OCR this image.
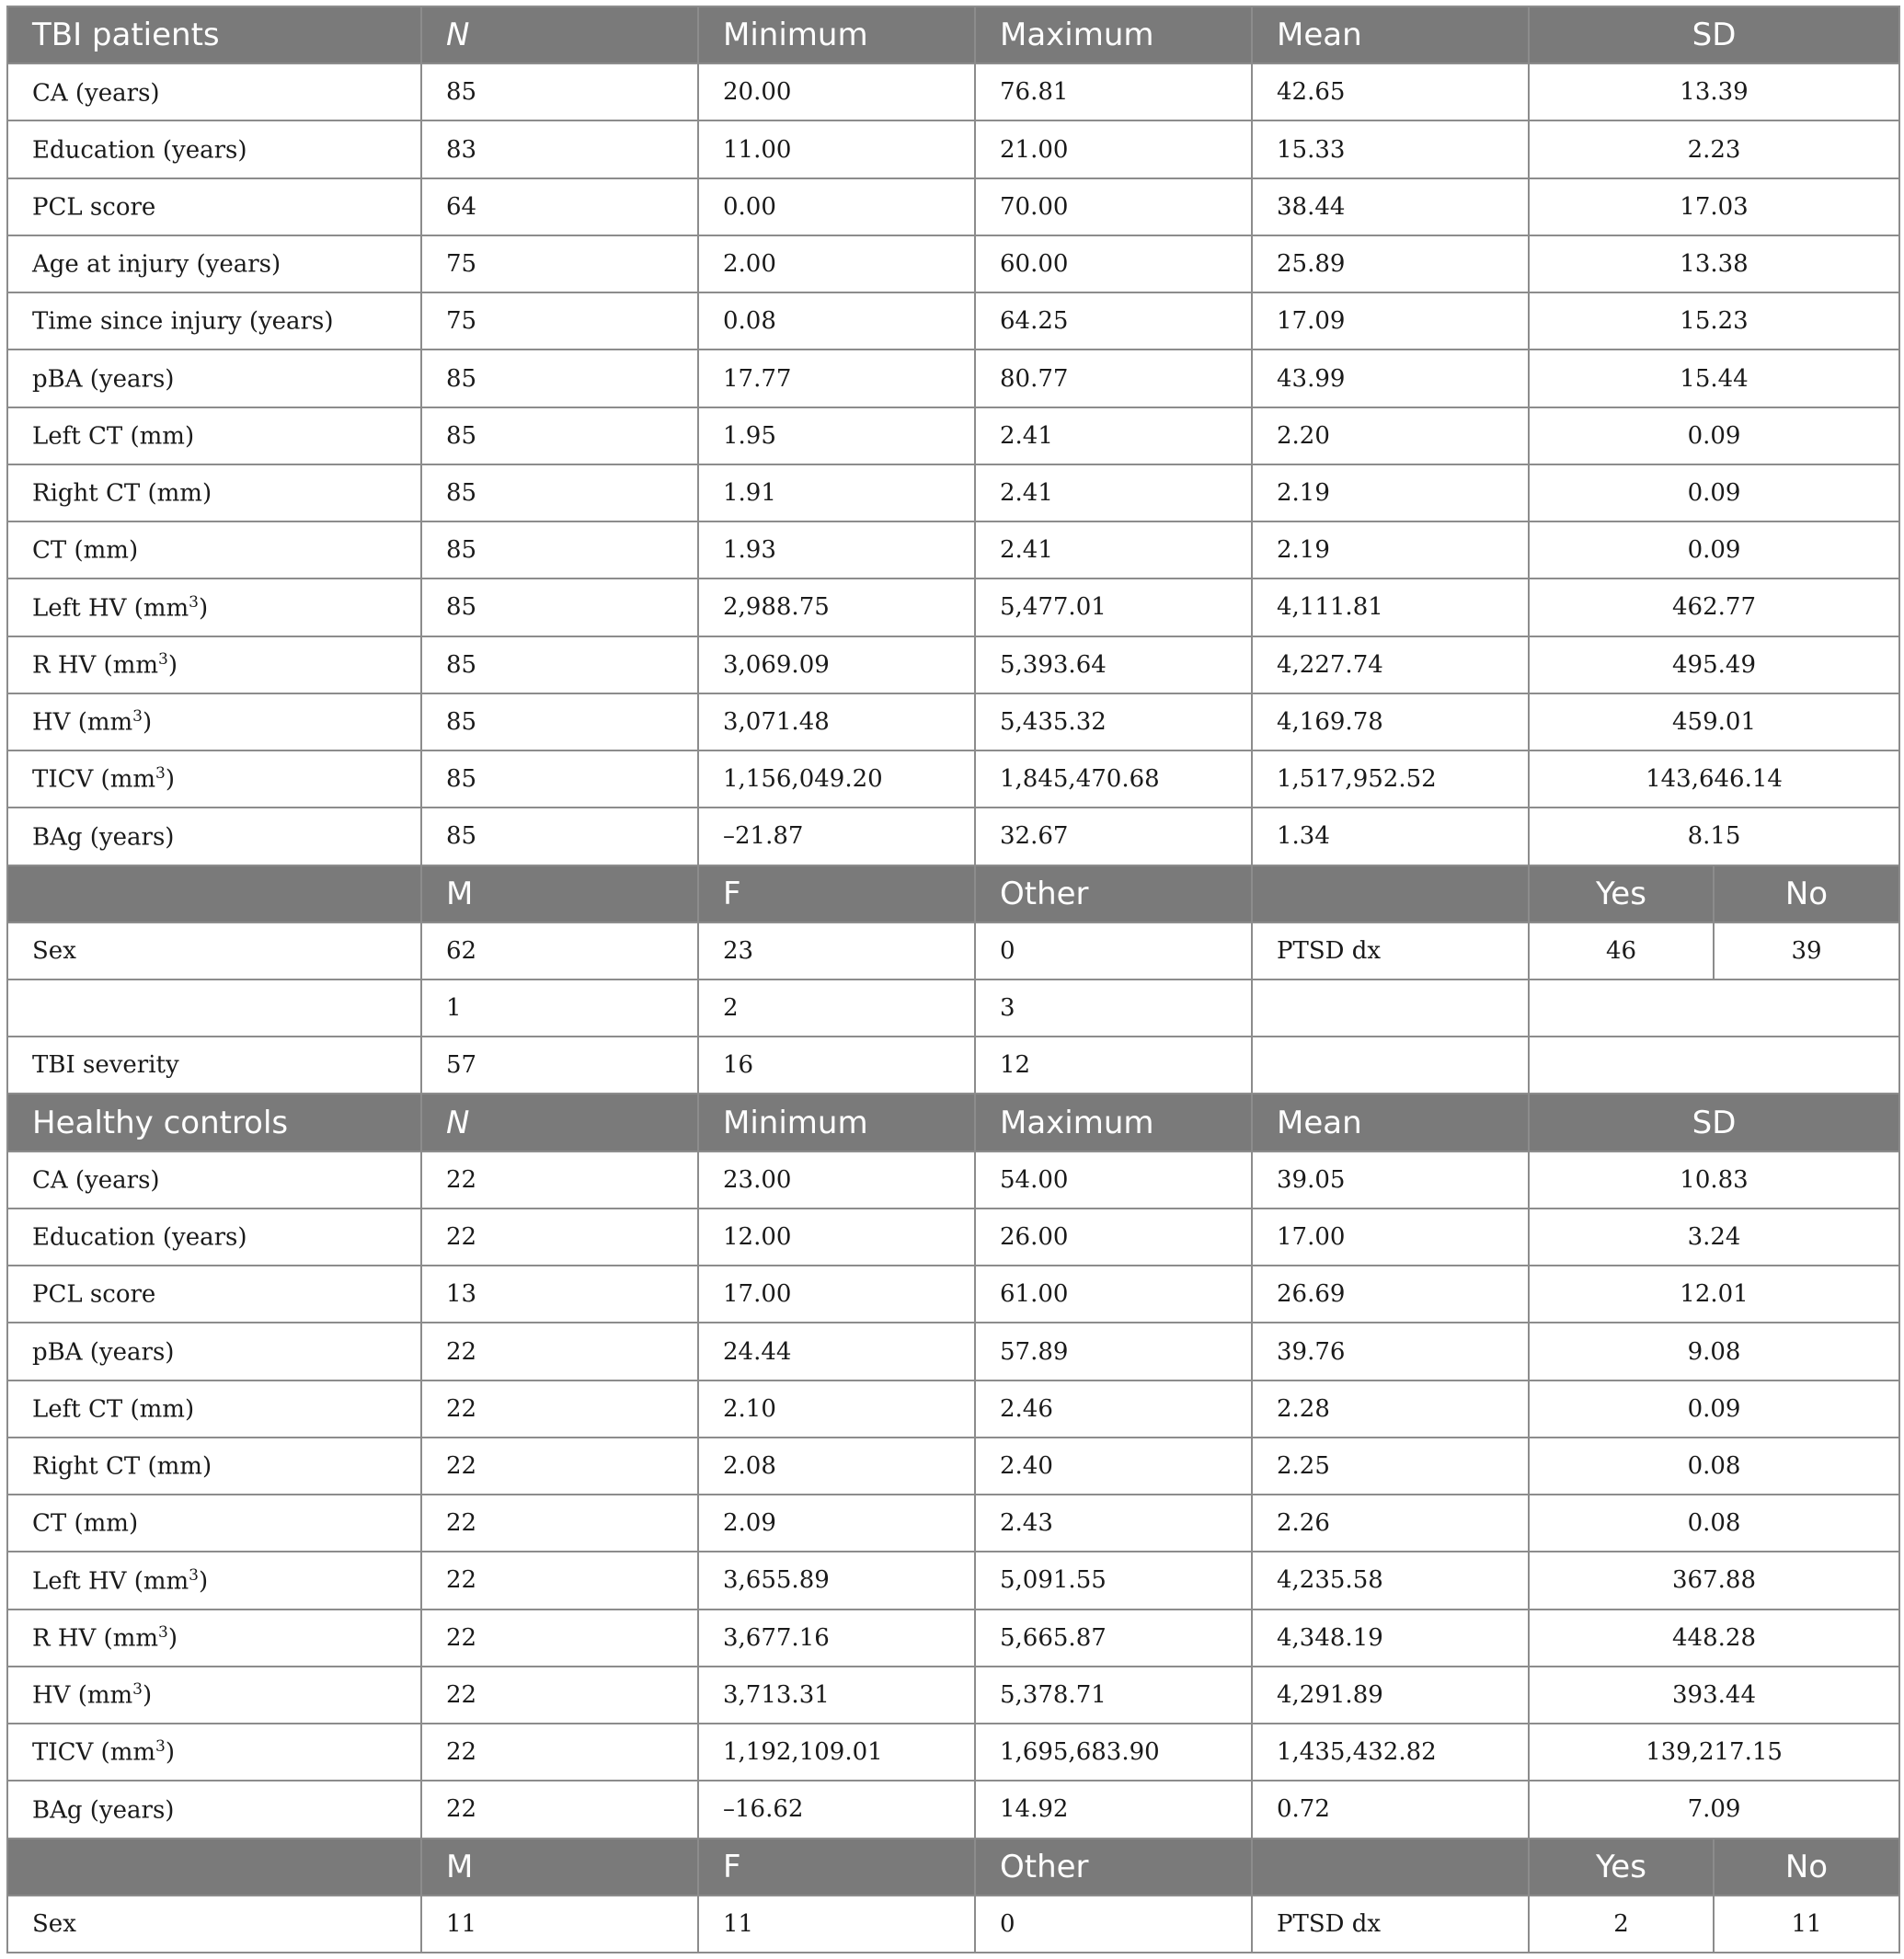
TBI patients	N	Minimum	Maximum	Mean	SD	
CA (years)	85	20.00	76.81	42.65	13.39	
Education (years)	83	11.00	21.00	15.33	2.23	
PCL score	64	0.00	70.00	38.44	17.03	
Age at injury (years)	75	2.00	60.00	25.89	13.38	
Time since injury (years)	75	0.08	64.25	17.09	15.23	
pBA (years)	85	17.77	80.77	43.99	15.44	
Left CT (mm)	85	1.95	2.41	2.20	0.09	
Right CT (mm)	85	1.91	2.41	2.19	0.09	
CT (mm)	85	1.93	2.41	2.19	0.09	
Left HV $(mm^3)$	85	2,988.75	5,477.01	4,111.81	462.77	
R HV $(mm^3)$	85	3,069.09	5,393.64	4,227.74	495.49	
HV $(mm^3)$	85	3,071.48	5,435.32	4,169.78	459.01	
TICV $(mm^3)$	85	1,156,049.20	1,845,470.68	1,517,952.52	143,646.14	
BAg (years)	85	–21.87	32.67	1.34	8.15	
	M	F	Other		Yes	No
Sex	62	23	0	PTSD dx	46	39
	1	2	3			
TBI severity	57	16	12			
Healthy controls	N	Minimum	Maximum	Mean	SD	
CA (years)	22	23.00	54.00	39.05	10.83	
Education (years)	22	12.00	26.00	17.00	3.24	
PCL score	13	17.00	61.00	26.69	12.01	
pBA (years)	22	24.44	57.89	39.76	9.08	
Left CT (mm)	22	2.10	2.46	2.28	0.09	
Right CT (mm)	22	2.08	2.40	2.25	0.08	
CT (mm)	22	2.09	2.43	2.26	0.08	
Left HV $(mm^3)$	22	3,655.89	5,091.55	4,235.58	367.88	
R HV $(mm^3)$	22	3,677.16	5,665.87	4,348.19	448.28	
HV $(mm^3)$	22	3,713.31	5,378.71	4,291.89	393.44	
TICV $(mm^3)$	22	1,192,109.01	1,695,683.90	1,435,432.82	139,217.15	
BAg (years)	22	–16.62	14.92	0.72	7.09	
	M	F	Other		Yes	No
Sex	11	11	0	PTSD dx	2	11
